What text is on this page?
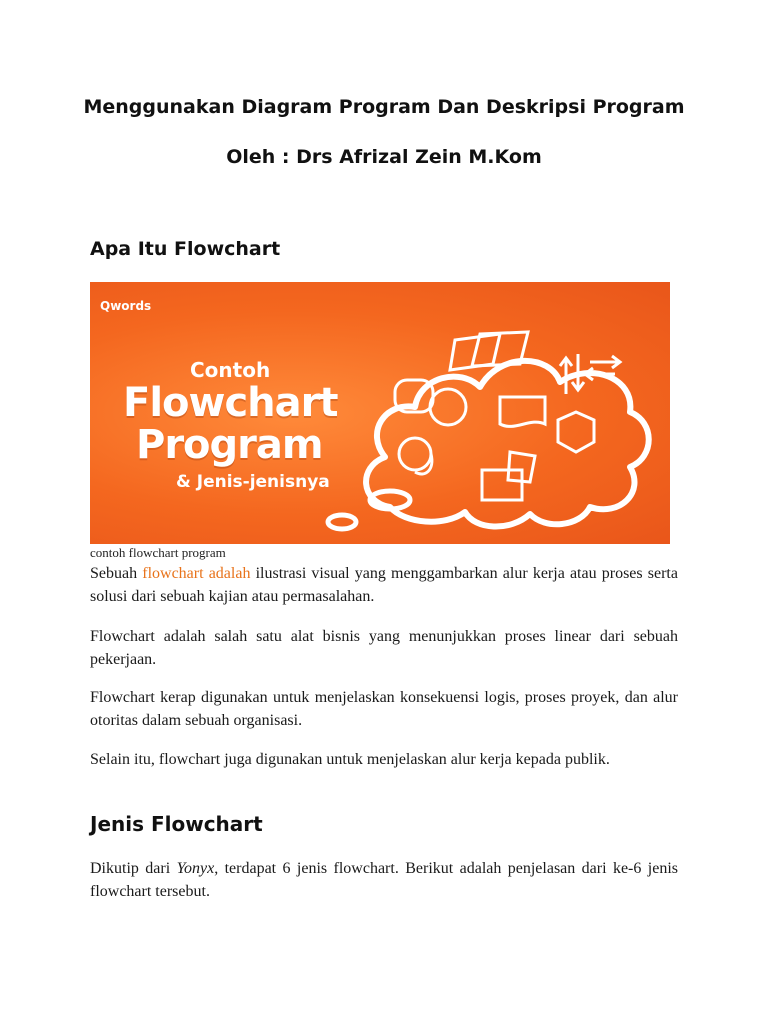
Menggunakan Diagram Program Dan Deskripsi Program
Oleh : Drs Afrizal Zein M.Kom
Apa Itu Flowchart
Qwords
Contoh
Flowchart
Program
& Jenis-jenisnya
contoh flowchart program
Sebuah flowchart adalah ilustrasi visual yang menggambarkan alur kerja atau proses serta solusi dari sebuah kajian atau permasalahan.
Flowchart adalah salah satu alat bisnis yang menunjukkan proses linear dari sebuah pekerjaan.
Flowchart kerap digunakan untuk menjelaskan konsekuensi logis, proses proyek, dan alur otoritas dalam sebuah organisasi.
Selain itu, flowchart juga digunakan untuk menjelaskan alur kerja kepada publik.
Jenis Flowchart
Dikutip dari Yonyx, terdapat 6 jenis flowchart. Berikut adalah penjelasan dari ke-6 jenis flowchart tersebut.
